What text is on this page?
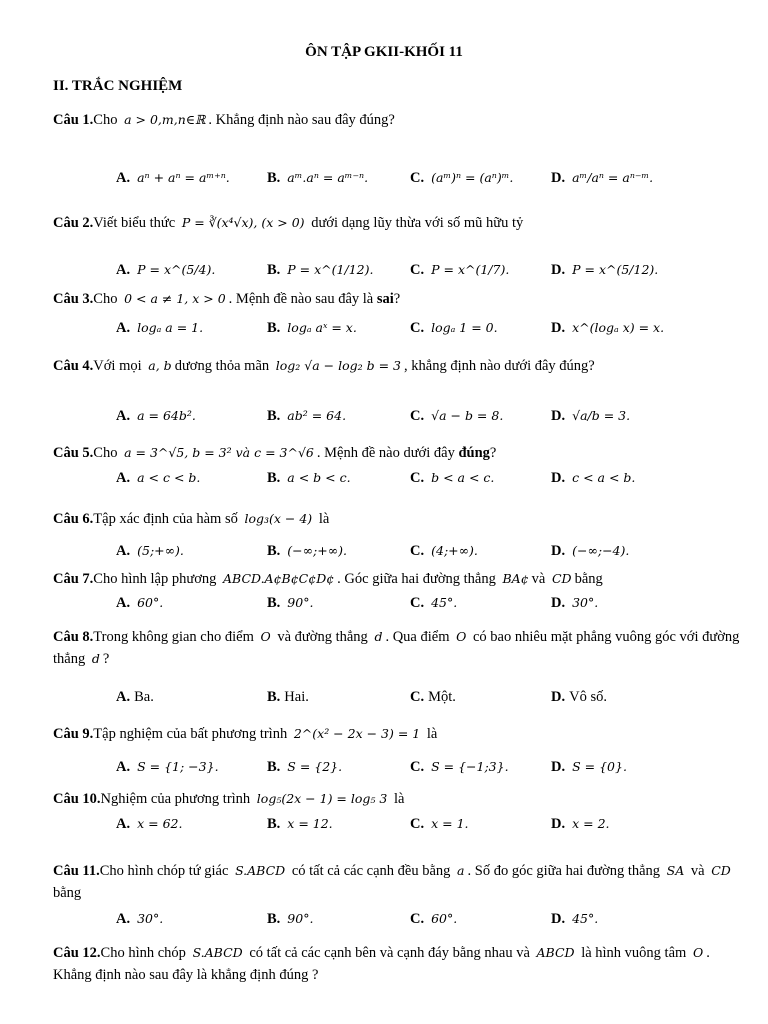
ÔN TẬP GKII-KHỐI 11
II. TRẮC NGHIỆM
Câu 1.Cho a > 0,m,n∈ℝ . Khẳng định nào sau đây đúng?
A. aⁿ + aⁿ = aᵐ⁺ⁿ.	B. aᵐ.aⁿ = aᵐ⁻ⁿ.	C. (aᵐ)ⁿ = (aⁿ)ᵐ.	D. aᵐ/aⁿ = aⁿ⁻ᵐ.
Câu 2.Viết biểu thức P = ∛(x⁴√x), (x > 0) dưới dạng lũy thừa với số mũ hữu tỷ
A. P = x^(5/4).	B. P = x^(1/12).	C. P = x^(1/7).	D. P = x^(5/12).
Câu 3.Cho 0 < a ≠ 1, x > 0 . Mệnh đề nào sau đây là sai?
A. logₐ a = 1.	B. logₐ aˣ = x.	C. logₐ 1 = 0.	D. x^(logₐ x) = x.
Câu 4.Với mọi a, b dương thỏa mãn log₂ √a − log₂ b = 3 , khẳng định nào dưới đây đúng?
A. a = 64b².	B. ab² = 64.	C. √a − b = 8.	D. √a/b = 3.
Câu 5.Cho a = 3^√5, b = 3² và c = 3^√6 . Mệnh đề nào dưới đây đúng?
A. a < c < b.	B. a < b < c.	C. b < a < c.	D. c < a < b.
Câu 6.Tập xác định của hàm số log₃(x − 4) là
A. (5;+∞).	B. (−∞;+∞).	C. (4;+∞).	D. (−∞;−4).
Câu 7.Cho hình lập phương ABCD.A¢B¢C¢D¢ . Góc giữa hai đường thẳng BA¢ và CD bằng
A. 60°.	B. 90°.	C. 45°.	D. 30°.
Câu 8.Trong không gian cho điểm O và đường thẳng d . Qua điểm O có bao nhiêu mặt phẳng vuông góc với đường thẳng d ?
A. Ba.	B. Hai.	C. Một.	D. Vô số.
Câu 9.Tập nghiệm của bất phương trình 2^(x² − 2x − 3) = 1 là
A. S = {1; −3}.	B. S = {2}.	C. S = {−1;3}.	D. S = {0}.
Câu 10.Nghiệm của phương trình log₅(2x − 1) = log₅ 3 là
A. x = 62.	B. x = 12.	C. x = 1.	D. x = 2.
Câu 11.Cho hình chóp tứ giác S.ABCD có tất cả các cạnh đều bằng a . Số đo góc giữa hai đường thẳng SA và CD bằng
A. 30°.	B. 90°.	C. 60°.	D. 45°.
Câu 12.Cho hình chóp S.ABCD có tất cả các cạnh bên và cạnh đáy bằng nhau và ABCD là hình vuông tâm O . Khẳng định nào sau đây là khẳng định đúng ?
